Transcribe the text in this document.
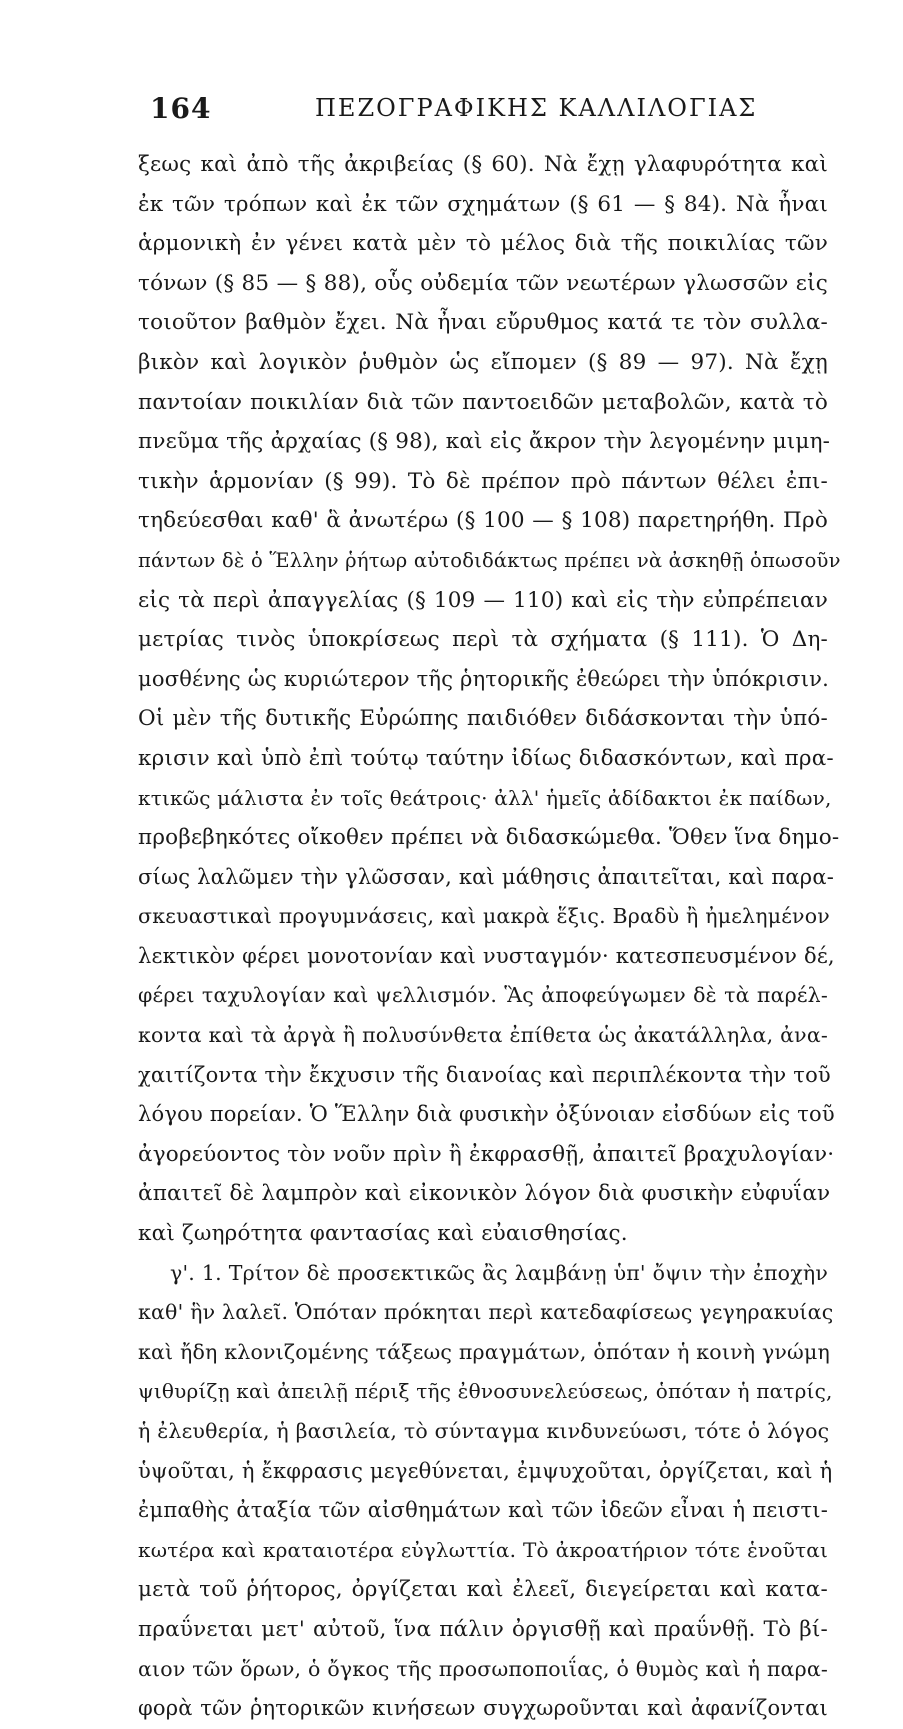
164	ΠΕΖΟΓΡΑΦΙΚΗΣ ΚΑΛΛΙΛΟΓΙΑΣ
ξεως καὶ ἀπὸ τῆς ἀκριβείας (§ 60). Νὰ ἔχῃ γλαφυρότητα καὶ
ἐκ τῶν τρόπων καὶ ἐκ τῶν σχημάτων (§ 61 — § 84). Νὰ ἦναι
ἁρμονικὴ ἐν γένει κατὰ μὲν τὸ μέλος διὰ τῆς ποικιλίας τῶν
τόνων (§ 85 — § 88), οὗς οὐδεμία τῶν νεωτέρων γλωσσῶν εἰς
τοιοῦτον βαθμὸν ἔχει. Νὰ ἦναι εὔρυθμος κατά τε τὸν συλλα-
βικὸν καὶ λογικὸν ῥυθμὸν ὡς εἴπομεν (§ 89 — 97). Νὰ ἔχῃ
παντοίαν ποικιλίαν διὰ τῶν παντοειδῶν μεταβολῶν, κατὰ τὸ
πνεῦμα τῆς ἀρχαίας (§ 98), καὶ εἰς ἄκρον τὴν λεγομένην μιμη-
τικὴν ἁρμονίαν (§ 99). Τὸ δὲ πρέπον πρὸ πάντων θέλει ἐπι-
τηδεύεσθαι καθ' ἃ ἀνωτέρω (§ 100 — § 108) παρετηρήθη. Πρὸ
πάντων δὲ ὁ Ἕλλην ῥήτωρ αὐτοδιδάκτως πρέπει νὰ ἀσκηθῇ ὁπωσοῦν
εἰς τὰ περὶ ἀπαγγελίας (§ 109 — 110) καὶ εἰς τὴν εὐπρέπειαν
μετρίας τινὸς ὑποκρίσεως περὶ τὰ σχήματα (§ 111). Ὁ Δη-
μοσθένης ὡς κυριώτερον τῆς ῥητορικῆς ἐθεώρει τὴν ὑπόκρισιν.
Οἱ μὲν τῆς δυτικῆς Εὐρώπης παιδιόθεν διδάσκονται τὴν ὑπό-
κρισιν καὶ ὑπὸ ἐπὶ τούτῳ ταύτην ἰδίως διδασκόντων, καὶ πρα-
κτικῶς μάλιστα ἐν τοῖς θεάτροις· ἀλλ' ἡμεῖς ἀδίδακτοι ἐκ παίδων,
προβεβηκότες οἴκοθεν πρέπει νὰ διδασκώμεθα. Ὅθεν ἵνα δημο-
σίως λαλῶμεν τὴν γλῶσσαν, καὶ μάθησις ἀπαιτεῖται, καὶ παρα-
σκευαστικαὶ προγυμνάσεις, καὶ μακρὰ ἕξις. Βραδὺ ἢ ἠμελημένον
λεκτικὸν φέρει μονοτονίαν καὶ νυσταγμόν· κατεσπευσμένον δέ,
φέρει ταχυλογίαν καὶ ψελλισμόν. Ἃς ἀποφεύγωμεν δὲ τὰ παρέλ-
κοντα καὶ τὰ ἀργὰ ἢ πολυσύνθετα ἐπίθετα ὡς ἀκατάλληλα, ἀνα-
χαιτίζοντα τὴν ἔκχυσιν τῆς διανοίας καὶ περιπλέκοντα τὴν τοῦ
λόγου πορείαν. Ὁ Ἕλλην διὰ φυσικὴν ὀξύνοιαν εἰσδύων εἰς τοῦ
ἀγορεύοντος τὸν νοῦν πρὶν ἢ ἐκφρασθῇ, ἀπαιτεῖ βραχυλογίαν·
ἀπαιτεῖ δὲ λαμπρὸν καὶ εἰκονικὸν λόγον διὰ φυσικὴν εὐφυΐαν
καὶ ζωηρότητα φαντασίας καὶ εὐαισθησίας.
γ'. 1. Τρίτον δὲ προσεκτικῶς ἂς λαμβάνῃ ὑπ' ὄψιν τὴν ἐποχὴν
καθ' ἣν λαλεῖ. Ὁπόταν πρόκηται περὶ κατεδαφίσεως γεγηρακυίας
καὶ ἤδη κλονιζομένης τάξεως πραγμάτων, ὁπόταν ἡ κοινὴ γνώμη
ψιθυρίζῃ καὶ ἀπειλῇ πέριξ τῆς ἐθνοσυνελεύσεως, ὁπόταν ἡ πατρίς,
ἡ ἐλευθερία, ἡ βασιλεία, τὸ σύνταγμα κινδυνεύωσι, τότε ὁ λόγος
ὑψοῦται, ἡ ἔκφρασις μεγεθύνεται, ἐμψυχοῦται, ὀργίζεται, καὶ ἡ
ἐμπαθὴς ἀταξία τῶν αἰσθημάτων καὶ τῶν ἰδεῶν εἶναι ἡ πειστι-
κωτέρα καὶ κραταιοτέρα εὐγλωττία. Τὸ ἀκροατήριον τότε ἑνοῦται
μετὰ τοῦ ῥήτορος, ὀργίζεται καὶ ἐλεεῖ, διεγείρεται καὶ κατα-
πραΰνεται μετ' αὐτοῦ, ἵνα πάλιν ὀργισθῇ καὶ πραΰνθῇ. Τὸ βί-
αιον τῶν ὅρων, ὁ ὄγκος τῆς προσωποποιΐας, ὁ θυμὸς καὶ ἡ παρα-
φορὰ τῶν ῥητορικῶν κινήσεων συγχωροῦνται καὶ ἀφανίζονται
